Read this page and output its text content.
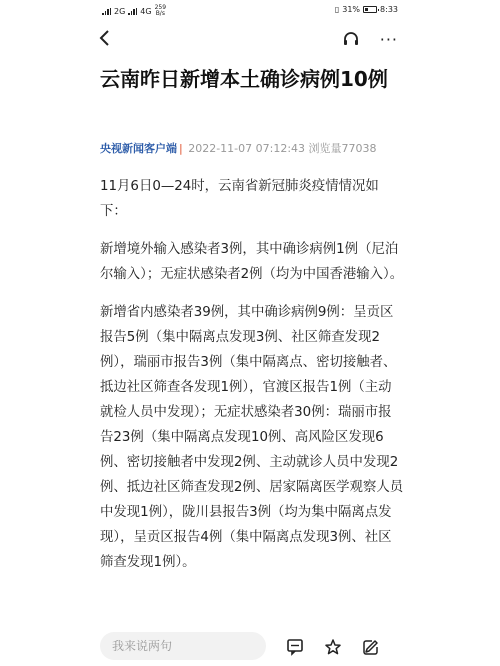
2G 4G 259
B/s	▯ 31%	8:33
···
云南昨日新增本土确诊病例10例
央视新闻客户端 | 2022-11-07 07:12:43 浏览量77038

11月6日0—24时，云南省新冠肺炎疫情情况如下：

新增境外输入感染者3例，其中确诊病例1例（尼泊尔输入）；无症状感染者2例（均为中国香港输入）。

新增省内感染者39例，其中确诊病例9例：呈贡区报告5例（集中隔离点发现3例、社区筛查发现2例），瑞丽市报告3例（集中隔离点、密切接触者、抵边社区筛查各发现1例），官渡区报告1例（主动就检人员中发现）；无症状感染者30例：瑞丽市报告23例（集中隔离点发现10例、高风险区发现6例、密切接触者中发现2例、主动就诊人员中发现2例、抵边社区筛查发现2例、居家隔离医学观察人员中发现1例），陇川县报告3例（均为集中隔离点发现），呈贡区报告4例（集中隔离点发现3例、社区筛查发现1例）。

我来说两句
